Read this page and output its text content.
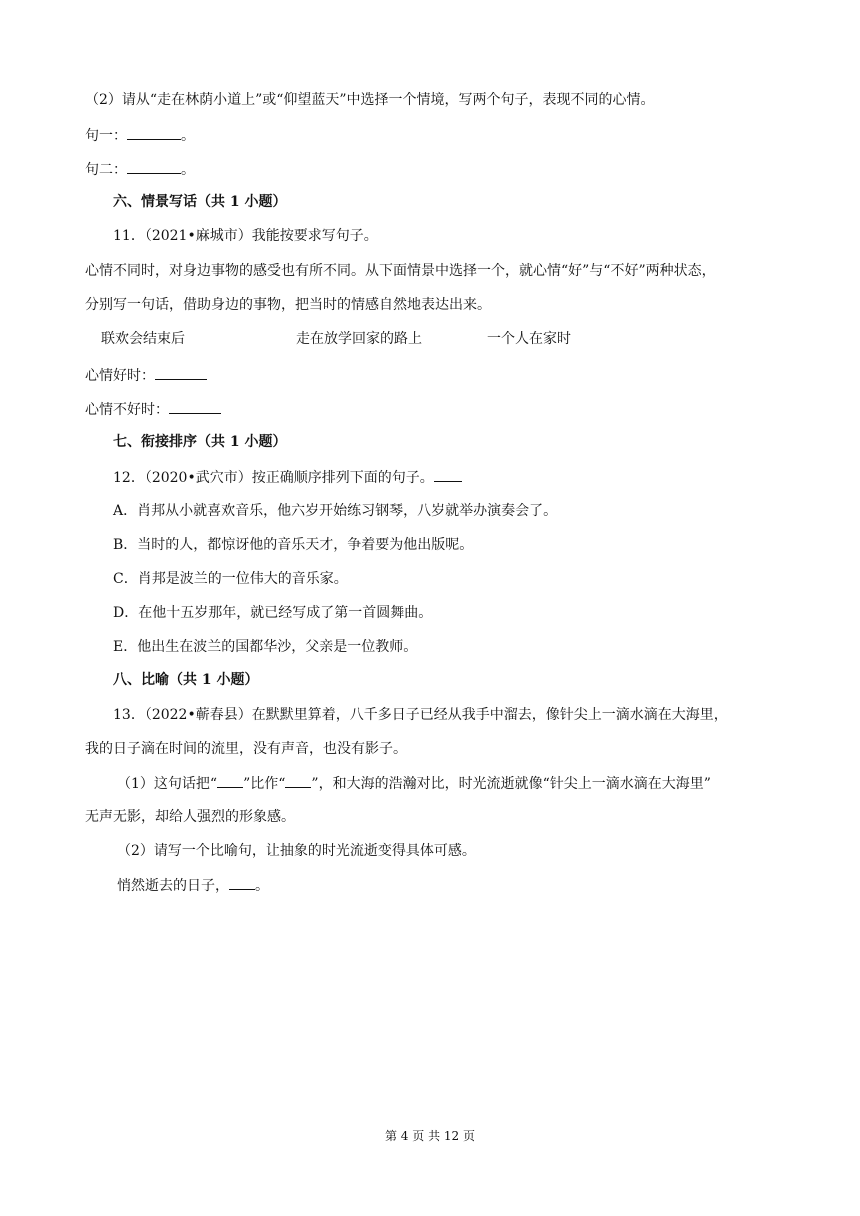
（2）请从“走在林荫小道上”或“仰望蓝天”中选择一个情境，写两个句子，表现不同的心情。
句一：	。
句二：	。
六、情景写话（共 1 小题）
11．（2021•麻城市）我能按要求写句子。
心情不同时，对身边事物的感受也有所不同。从下面情景中选择一个，就心情“好”与“不好”两种状态，
分别写一句话，借助身边的事物，把当时的情感自然地表达出来。
联欢会结束后	走在放学回家的路上	一个人在家时
心情好时：
心情不好时：
七、衔接排序（共 1 小题）
12．（2020•武穴市）按正确顺序排列下面的句子。
A．肖邦从小就喜欢音乐，他六岁开始练习钢琴，八岁就举办演奏会了。
B．当时的人，都惊讶他的音乐天才，争着要为他出版呢。
C．肖邦是波兰的一位伟大的音乐家。
D．在他十五岁那年，就已经写成了第一首圆舞曲。
E．他出生在波兰的国都华沙，父亲是一位教师。
八、比喻（共 1 小题）
13．（2022•蕲春县）在默默里算着，八千多日子已经从我手中溜去，像针尖上一滴水滴在大海里，
我的日子滴在时间的流里，没有声音，也没有影子。
（1）这句话把“ ”比作“ ”，和大海的浩瀚对比，时光流逝就像“针尖上一滴水滴在大海里”
无声无影，却给人强烈的形象感。
（2）请写一个比喻句，让抽象的时光流逝变得具体可感。
悄然逝去的日子， 。
第 4 页 共 12 页
